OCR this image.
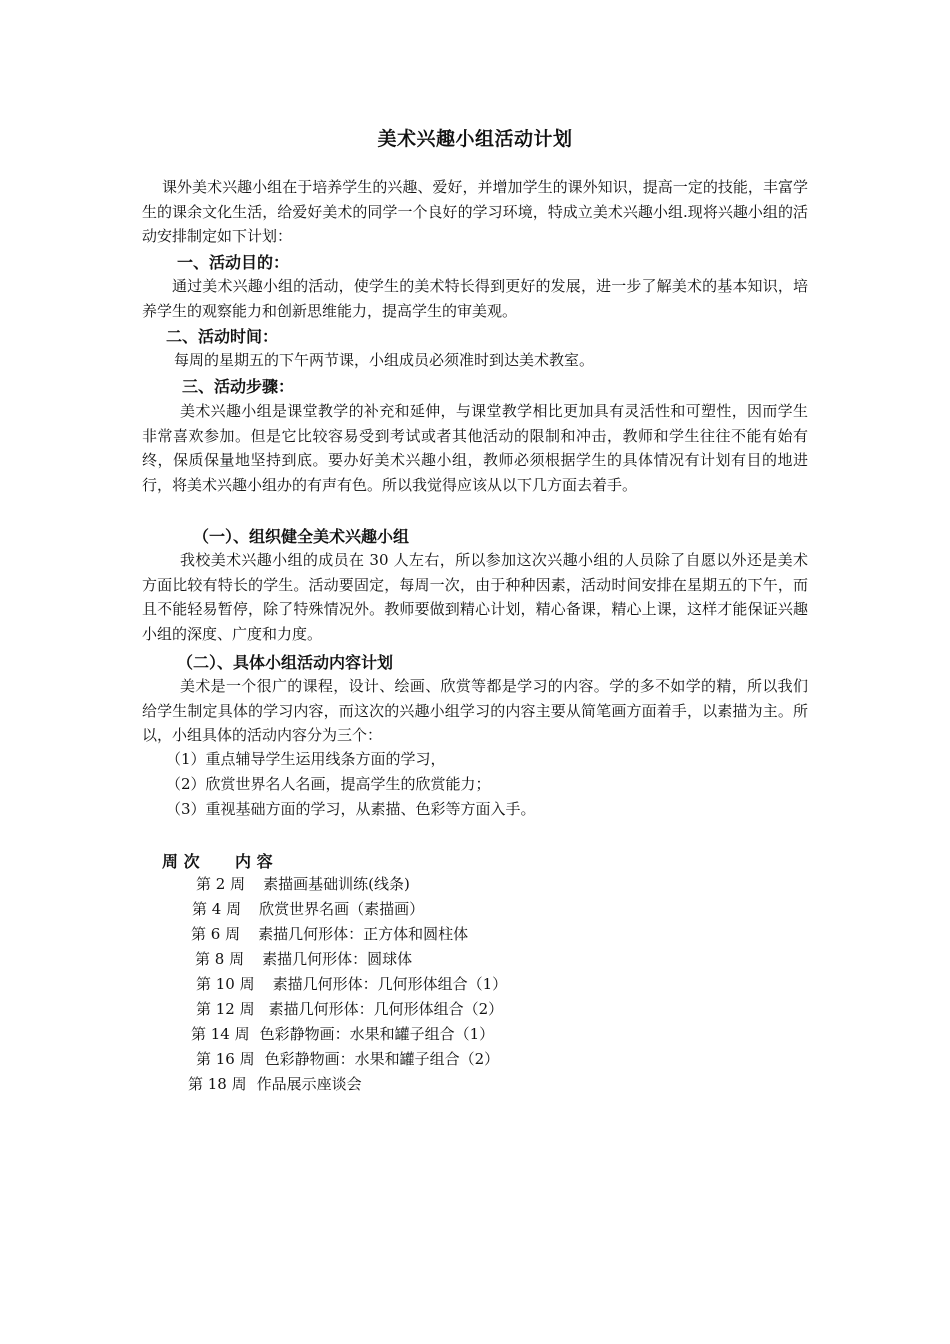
美术兴趣小组活动计划
课外美术兴趣小组在于培养学生的兴趣、爱好，并增加学生的课外知识，提高一定的技能，丰富学生的课余文化生活，给爱好美术的同学一个良好的学习环境，特成立美术兴趣小组.现将兴趣小组的活动安排制定如下计划：
一、活动目的：
通过美术兴趣小组的活动，使学生的美术特长得到更好的发展，进一步了解美术的基本知识，培养学生的观察能力和创新思维能力，提高学生的审美观。
二、活动时间：
每周的星期五的下午两节课，小组成员必须准时到达美术教室。
三、活动步骤：
美术兴趣小组是课堂教学的补充和延伸，与课堂教学相比更加具有灵活性和可塑性，因而学生非常喜欢参加。但是它比较容易受到考试或者其他活动的限制和冲击，教师和学生往往不能有始有终，保质保量地坚持到底。要办好美术兴趣小组，教师必须根据学生的具体情况有计划有目的地进行，将美术兴趣小组办的有声有色。所以我觉得应该从以下几方面去着手。
（一）、组织健全美术兴趣小组
我校美术兴趣小组的成员在 30 人左右，所以参加这次兴趣小组的人员除了自愿以外还是美术方面比较有特长的学生。活动要固定，每周一次，由于种种因素，活动时间安排在星期五的下午，而且不能轻易暂停，除了特殊情况外。教师要做到精心计划，精心备课，精心上课，这样才能保证兴趣小组的深度、广度和力度。
（二）、具体小组活动内容计划
美术是一个很广的课程，设计、绘画、欣赏等都是学习的内容。学的多不如学的精，所以我们给学生制定具体的学习内容，而这次的兴趣小组学习的内容主要从简笔画方面着手，以素描为主。所以，小组具体的活动内容分为三个：
（1）重点辅导学生运用线条方面的学习，
（2）欣赏世界名人名画，提高学生的欣赏能力；
（3）重视基础方面的学习，从素描、色彩等方面入手。
周 次 内 容
第 2 周 素描画基础训练(线条)
第 4 周 欣赏世界名画（素描画）
第 6 周 素描几何形体：正方体和圆柱体
第 8 周 素描几何形体：圆球体
第 10 周 素描几何形体：几何形体组合（1）
第 12 周 素描几何形体：几何形体组合（2）
第 14 周 色彩静物画：水果和罐子组合（1）
第 16 周 色彩静物画：水果和罐子组合（2）
第 18 周 作品展示座谈会
